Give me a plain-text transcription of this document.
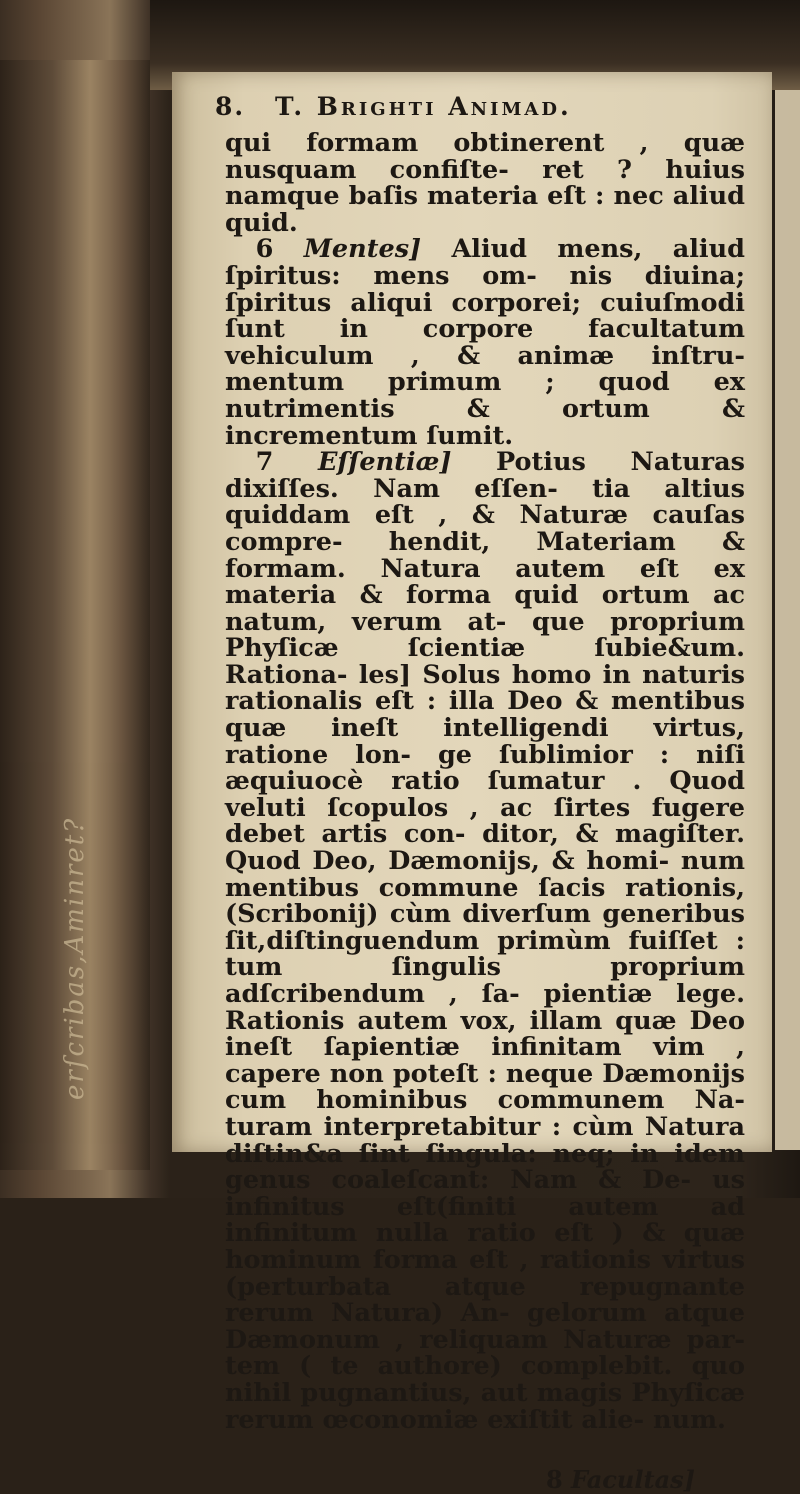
erſcribas,Aminret?
8.	T. Brighti Animad.

qui formam obtinerent , quæ nusquam confiſte- ret ? huius namque baſis materia eſt : nec aliud quid.

6 Mentes] Aliud mens, aliud ſpiritus: mens om- nis diuina; ſpiritus aliqui corporei; cuiuſmodi ſunt in corpore facultatum vehiculum , & animæ inſtru- mentum primum ; quod ex nutrimentis & ortum & incrementum ſumit.

7 Eſſentiæ] Potius Naturas dixiſſes. Nam eſſen- tia altius quiddam eſt , & Naturæ cauſas compre- hendit, Materiam & formam. Natura autem eſt ex materia & forma quid ortum ac natum, verum at- que proprium Phyſicæ ſcientiæ ſubie&um. Rationa- les] Solus homo in naturis rationalis eſt : illa Deo & mentibus quæ ineſt intelligendi virtus, ratione lon- ge ſublimior : niſi æquiuocè ratio ſumatur . Quod veluti ſcopulos , ac ſirtes fugere debet artis con- ditor, & magiſter. Quod Deo, Dæmonijs, & homi- num mentibus commune ſacis rationis, (Scribonij) cùm diverſum generibus ſit,diſtinguendum primùm fuiſſet : tum ſingulis proprium adſcribendum , ſa- pientiæ lege. Rationis autem vox, illam quæ Deo ineſt ſapientiæ infinitam vim , capere non poteſt : neque Dæmonijs cum hominibus communem Na- turam interpretabitur : cùm Natura diſtin&a ſint ſingula: neq; in idem genus coaleſcant: Nam & De- us infinitus eſt(finiti autem ad infinitum nulla ratio eſt ) & quæ hominum forma eſt , rationis virtus (perturbata atque repugnante rerum Natura) An- gelorum atque Dæmonum , reliquam Naturæ par- tem ( te authore) complebit. quo nihil pugnantius, aut magis Phyſicæ rerum œconomiæ exiſtit alie- num.

8 Facultas]
